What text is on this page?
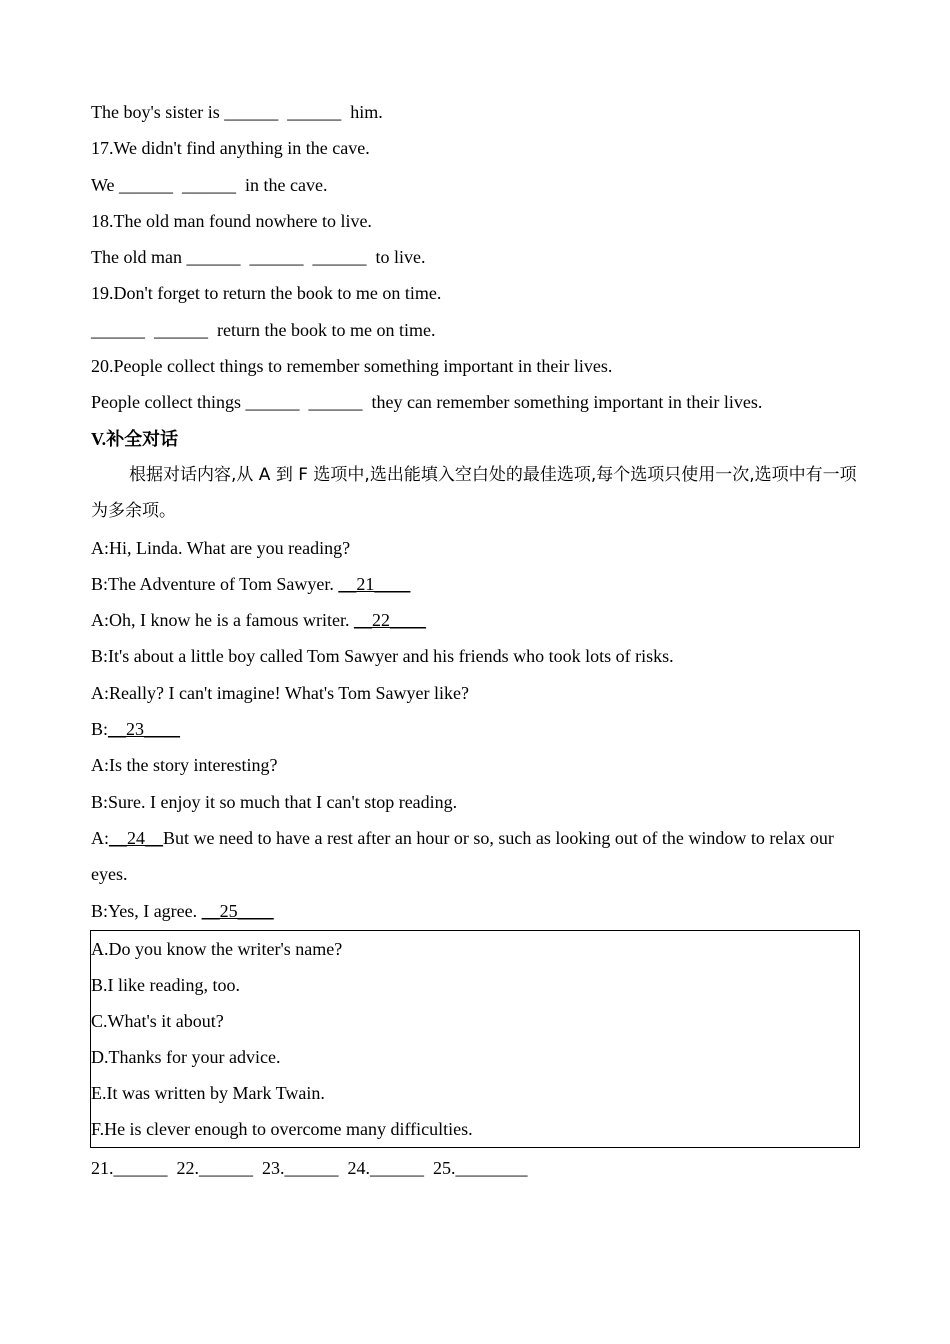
The boy's sister is ______  ______  him.
17.We didn't find anything in the cave.
We ______  ______  in the cave.
18.The old man found nowhere to live.
The old man ______  ______  ______  to live.
19.Don't forget to return the book to me on time.
______  ______  return the book to me on time.
20.People collect things to remember something important in their lives.
People collect things ______  ______  they can remember something important in their lives.
V.补全对话
根据对话内容,从 A 到 F 选项中,选出能填入空白处的最佳选项,每个选项只使用一次,选项中有一项为多余项。
A:Hi, Linda. What are you reading?
B:The Adventure of Tom Sawyer. __21____
A:Oh, I know he is a famous writer. __22____
B:It's about a little boy called Tom Sawyer and his friends who took lots of risks.
A:Really? I can't imagine! What's Tom Sawyer like?
B:__23____
A:Is the story interesting?
B:Sure. I enjoy it so much that I can't stop reading.
A:__24__But we need to have a rest after an hour or so, such as looking out of the window to relax our eyes.
B:Yes, I agree. __25____
A.Do you know the writer's name?
B.I like reading, too.
C.What's it about?
D.Thanks for your advice.
E.It was written by Mark Twain.
F.He is clever enough to overcome many difficulties.
21.______  22.______  23.______  24.______  25.________
